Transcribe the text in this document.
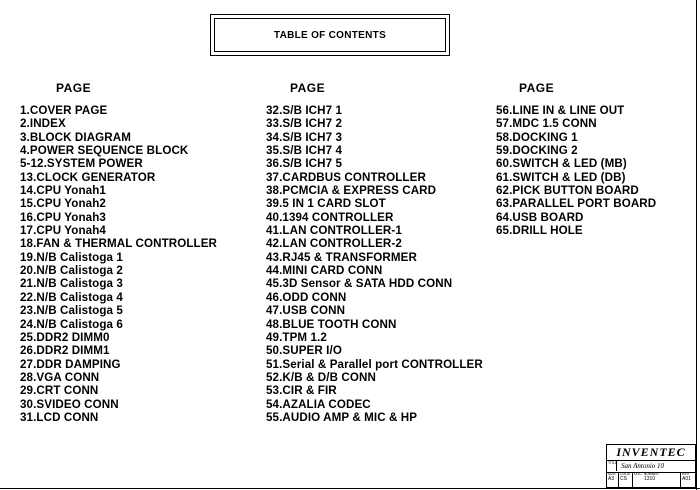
TABLE OF CONTENTS
PAGE	PAGE	PAGE
1.COVER PAGE
2.INDEX
3.BLOCK DIAGRAM
4.POWER SEQUENCE BLOCK
5-12.SYSTEM POWER
13.CLOCK GENERATOR
14.CPU Yonah1
15.CPU Yonah2
16.CPU Yonah3
17.CPU Yonah4
18.FAN & THERMAL CONTROLLER
19.N/B Calistoga 1
20.N/B Calistoga 2
21.N/B Calistoga 3
22.N/B Calistoga 4
23.N/B Calistoga 5
24.N/B Calistoga 6
25.DDR2 DIMM0
26.DDR2 DIMM1
27.DDR DAMPING
28.VGA CONN
29.CRT CONN
30.SVIDEO CONN
31.LCD CONN
32.S/B ICH7 1
33.S/B ICH7 2
34.S/B ICH7 3
35.S/B ICH7 4
36.S/B ICH7 5
37.CARDBUS CONTROLLER
38.PCMCIA & EXPRESS CARD
39.5 IN 1 CARD SLOT
40.1394 CONTROLLER
41.LAN CONTROLLER-1
42.LAN CONTROLLER-2
43.RJ45 & TRANSFORMER
44.MINI CARD CONN
45.3D Sensor & SATA HDD CONN
46.ODD CONN
47.USB CONN
48.BLUE TOOTH CONN
49.TPM 1.2
50.SUPER I/O
51.Serial & Parallel port CONTROLLER
52.K/B & D/B CONN
53.CIR & FIR
54.AZALIA CODEC
55.AUDIO AMP & MIC & HP
56.LINE IN & LINE OUT
57.MDC 1.5 CONN
58.DOCKING 1
59.DOCKING 2
60.SWITCH & LED (MB)
61.SWITCH & LED (DB)
62.PICK BUTTON BOARD
63.PARALLEL PORT BOARD
64.USB BOARD
65.DRILL HOLE
INVENTEC
TITLE San Antonio 10
SIZE
A3
CODE
CS
DOC. NUMBER
1310
REV
A01
